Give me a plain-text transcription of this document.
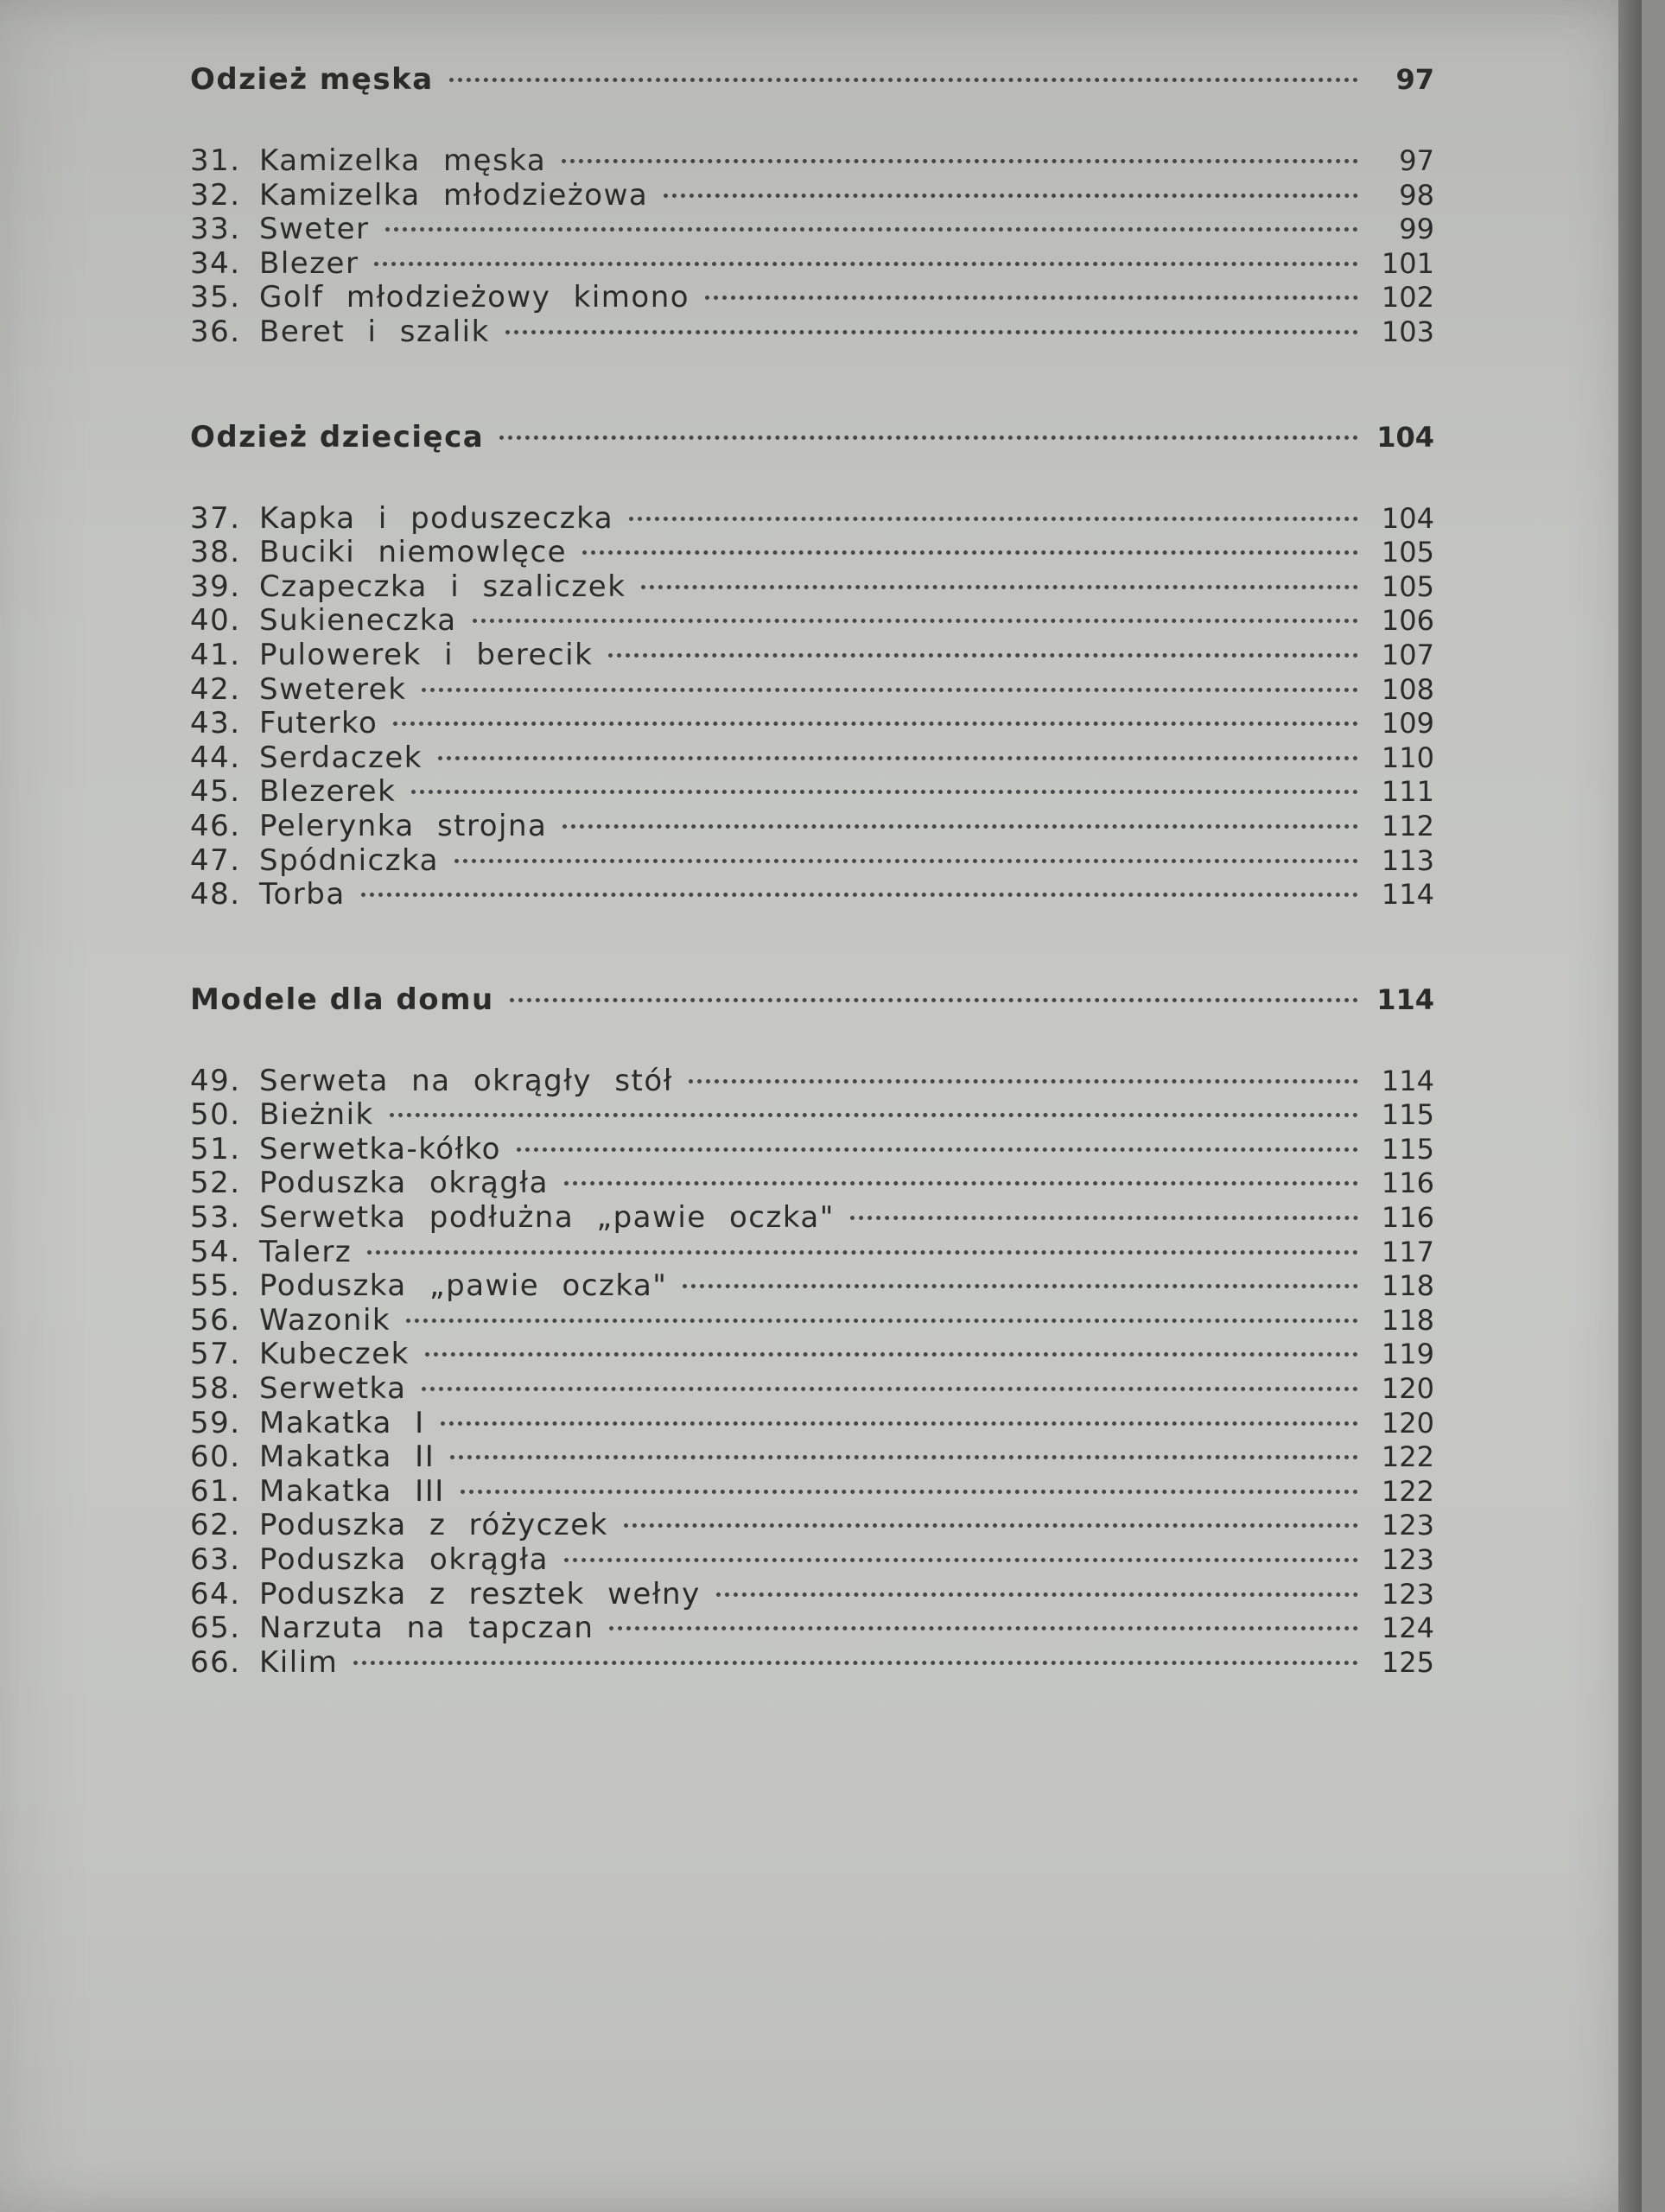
Odzież męska	97
31. Kamizelka męska	97
32. Kamizelka młodzieżowa	98
33. Sweter	99
34. Blezer	101
35. Golf młodzieżowy kimono	102
36. Beret i szalik	103
Odzież dziecięca	104
37. Kapka i poduszeczka	104
38. Buciki niemowlęce	105
39. Czapeczka i szaliczek	105
40. Sukieneczka	106
41. Pulowerek i berecik	107
42. Sweterek	108
43. Futerko	109
44. Serdaczek	110
45. Blezerek	111
46. Pelerynka strojna	112
47. Spódniczka	113
48. Torba	114
Modele dla domu	114
49. Serweta na okrągły stół	114
50. Bieżnik	115
51. Serwetka-kółko	115
52. Poduszka okrągła	116
53. Serwetka podłużna „pawie oczka"	116
54. Talerz	117
55. Poduszka „pawie oczka"	118
56. Wazonik	118
57. Kubeczek	119
58. Serwetka	120
59. Makatka I	120
60. Makatka II	122
61. Makatka III	122
62. Poduszka z różyczek	123
63. Poduszka okrągła	123
64. Poduszka z resztek wełny	123
65. Narzuta na tapczan	124
66. Kilim	125
